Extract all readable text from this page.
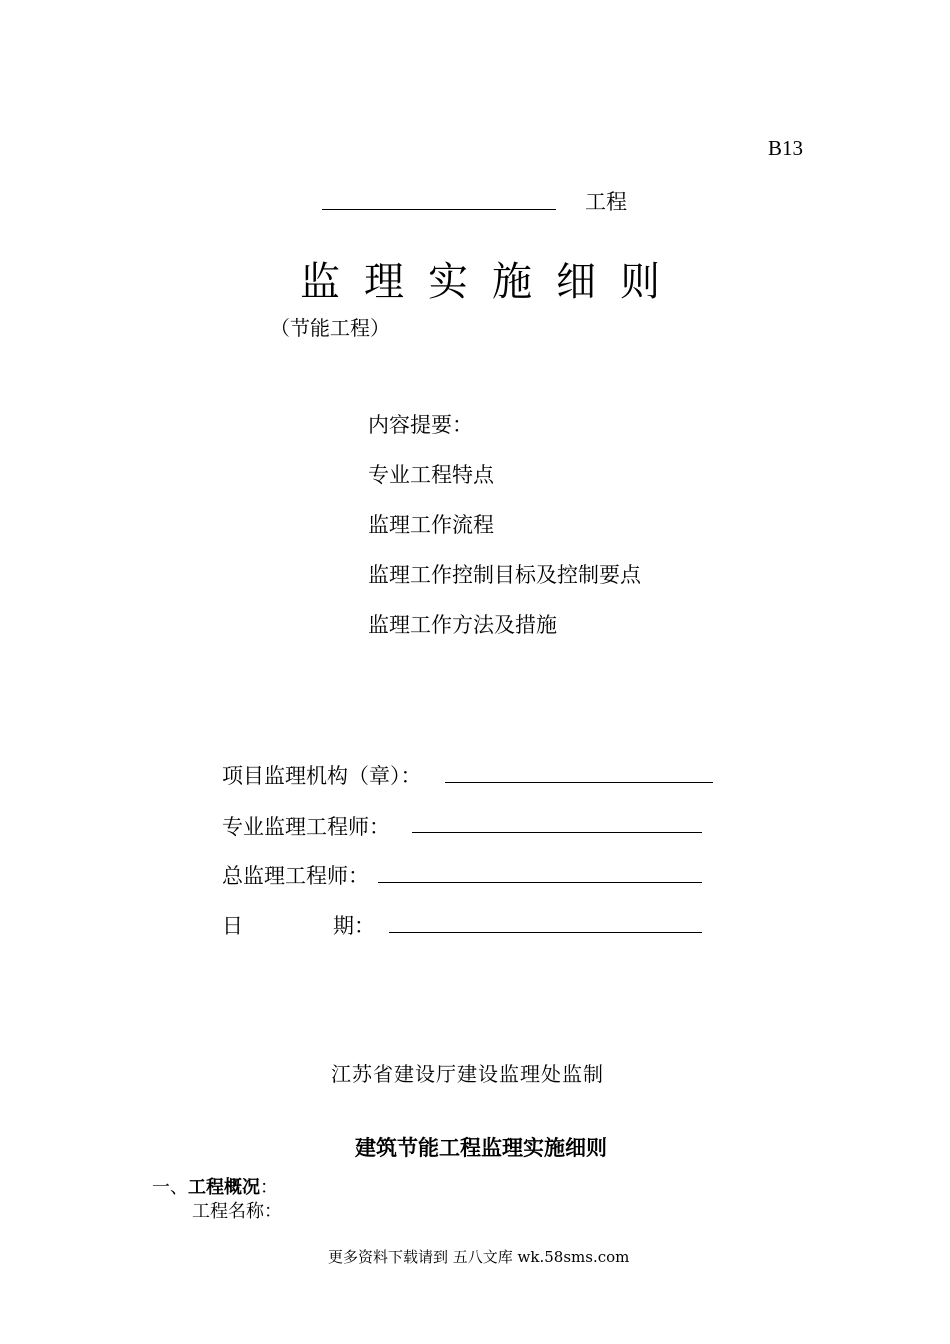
B13
工程
监理实施细则
（节能工程）
内容提要：
专业工程特点
监理工作流程
监理工作控制目标及控制要点
监理工作方法及措施
项目监理机构（章）：
专业监理工程师：
总监理工程师：
日	期：
江苏省建设厅建设监理处监制
建筑节能工程监理实施细则
一、工程概况：
工程名称：
更多资料下载请到 五八文库 wk.58sms.com
